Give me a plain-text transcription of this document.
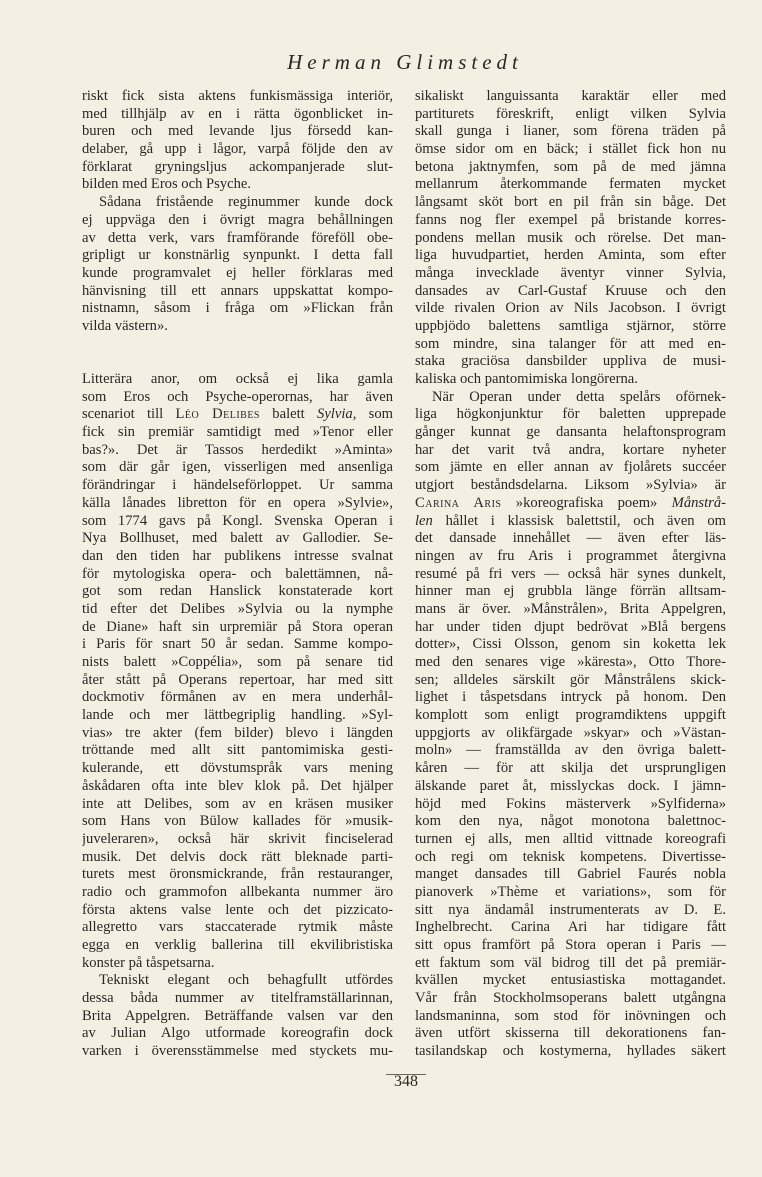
Herman Glimstedt
riskt fick sista aktens funkismässiga interiör,
med tillhjälp av en i rätta ögonblicket in-
buren och med levande ljus försedd kan-
delaber, gå upp i lågor, varpå följde den av
förklarat gryningsljus ackompanjerade slut-
bilden med Eros och Psyche.
Sådana fristående reginummer kunde dock
ej uppväga den i övrigt magra behållningen
av detta verk, vars framförande föreföll obe-
gripligt ur konstnärlig synpunkt. I detta fall
kunde programvalet ej heller förklaras med
hänvisning till ett annars uppskattat kompo-
nistnamn, såsom i fråga om »Flickan från
vilda västern».
Litterära anor, om också ej lika gamla
som Eros och Psyche-operornas, har även
scenariot till Léo Delibes balett Sylvia, som
fick sin premiär samtidigt med »Tenor eller
bas?». Det är Tassos herdedikt »Aminta»
som där går igen, visserligen med ansenliga
förändringar i händelseförloppet. Ur samma
källa lånades libretton för en opera »Sylvie»,
som 1774 gavs på Kongl. Svenska Operan i
Nya Bollhuset, med balett av Gallodier. Se-
dan den tiden har publikens intresse svalnat
för mytologiska opera- och balettämnen, nå-
got som redan Hanslick konstaterade kort
tid efter det Delibes »Sylvia ou la nymphe
de Diane» haft sin urpremiär på Stora operan
i Paris för snart 50 år sedan. Samme kompo-
nists balett »Coppélia», som på senare tid
åter stått på Operans repertoar, har med sitt
dockmotiv förmånen av en mera underhål-
lande och mer lättbegriplig handling. »Syl-
vias» tre akter (fem bilder) blevo i längden
tröttande med allt sitt pantomimiska gesti-
kulerande, ett dövstumspråk vars mening
åskådaren ofta inte blev klok på. Det hjälper
inte att Delibes, som av en kräsen musiker
som Hans von Bülow kallades för »musik-
juveleraren», också här skrivit finciselerad
musik. Det delvis dock rätt bleknade parti-
turets mest öronsmickrande, från restauranger,
radio och grammofon allbekanta nummer äro
första aktens valse lente och det pizzicato-
allegretto vars staccaterade rytmik måste
egga en verklig ballerina till ekvilibristiska
konster på tåspetsarna.
Tekniskt elegant och behagfullt utfördes
dessa båda nummer av titelframställarinnan,
Brita Appelgren. Beträffande valsen var den
av Julian Algo utformade koreografin dock
varken i överensstämmelse med styckets mu-
sikaliskt languissanta karaktär eller med
partiturets föreskrift, enligt vilken Sylvia
skall gunga i lianer, som förena träden på
ömse sidor om en bäck; i stället fick hon nu
betona jaktnymfen, som på de med jämna
mellanrum återkommande fermaten mycket
långsamt sköt bort en pil från sin båge. Det
fanns nog fler exempel på bristande korres-
pondens mellan musik och rörelse. Det man-
liga huvudpartiet, herden Aminta, som efter
många invecklade äventyr vinner Sylvia,
dansades av Carl-Gustaf Kruuse och den
vilde rivalen Orion av Nils Jacobson. I övrigt
uppbjödo balettens samtliga stjärnor, större
som mindre, sina talanger för att med en-
staka graciösa dansbilder uppliva de musi-
kaliska och pantomimiska longörerna.
När Operan under detta spelårs oförnek-
liga högkonjunktur för baletten upprepade
gånger kunnat ge dansanta helaftonsprogram
har det varit två andra, kortare nyheter
som jämte en eller annan av fjolårets succéer
utgjort beståndsdelarna. Liksom »Sylvia» är
Carina Aris »koreografiska poem» Månstrå-
len hållet i klassisk balettstil, och även om
det dansade innehållet — även efter läs-
ningen av fru Aris i programmet återgivna
resumé på fri vers — också här synes dunkelt,
hinner man ej grubbla länge förrän alltsam-
mans är över. »Månstrålen», Brita Appelgren,
har under tiden djupt bedrövat »Blå bergens
dotter», Cissi Olsson, genom sin koketta lek
med den senares vige »käresta», Otto Thore-
sen; alldeles särskilt gör Månstrålens skick-
lighet i tåspetsdans intryck på honom. Den
komplott som enligt programdiktens uppgift
uppgjorts av olikfärgade »skyar» och »Västan-
moln» — framställda av den övriga balett-
kåren — för att skilja det ursprungligen
älskande paret åt, misslyckas dock. I jämn-
höjd med Fokins mästerverk »Sylfiderna»
kom den nya, något monotona balettnoc-
turnen ej alls, men alltid vittnade koreografi
och regi om teknisk kompetens. Divertisse-
manget dansades till Gabriel Faurés nobla
pianoverk »Thème et variations», som för
sitt nya ändamål instrumenterats av D. E.
Inghelbrecht. Carina Ari har tidigare fått
sitt opus framfört på Stora operan i Paris —
ett faktum som väl bidrog till det på premiär-
kvällen mycket entusiastiska mottagandet.
Vår från Stockholmsoperans balett utgångna
landsmaninna, som stod för inövningen och
även utfört skisserna till dekorationens fan-
tasilandskap och kostymerna, hyllades säkert
348
